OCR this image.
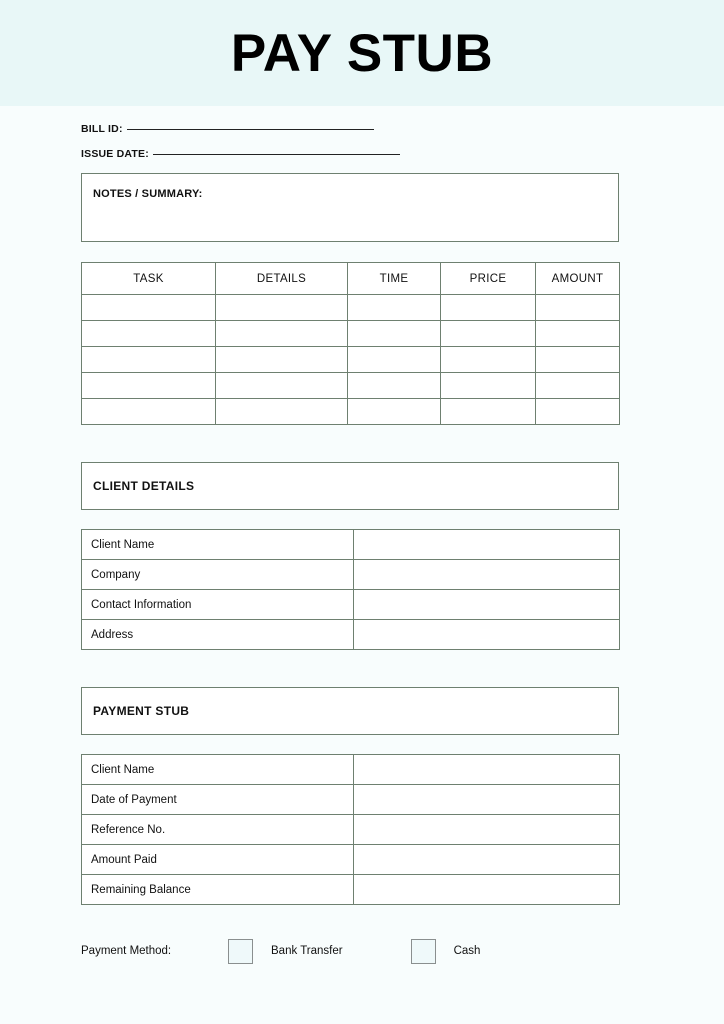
PAY STUB
BILL ID:
ISSUE DATE:
NOTES / SUMMARY:
TASK	DETAILS	TIME	PRICE	AMOUNT

CLIENT DETAILS
Client Name	
Company	
Contact Information	
Address	
PAYMENT STUB
Client Name	
Date of Payment	
Reference No.	
Amount Paid	
Remaining Balance	
Payment Method:	Bank Transfer	Cash
